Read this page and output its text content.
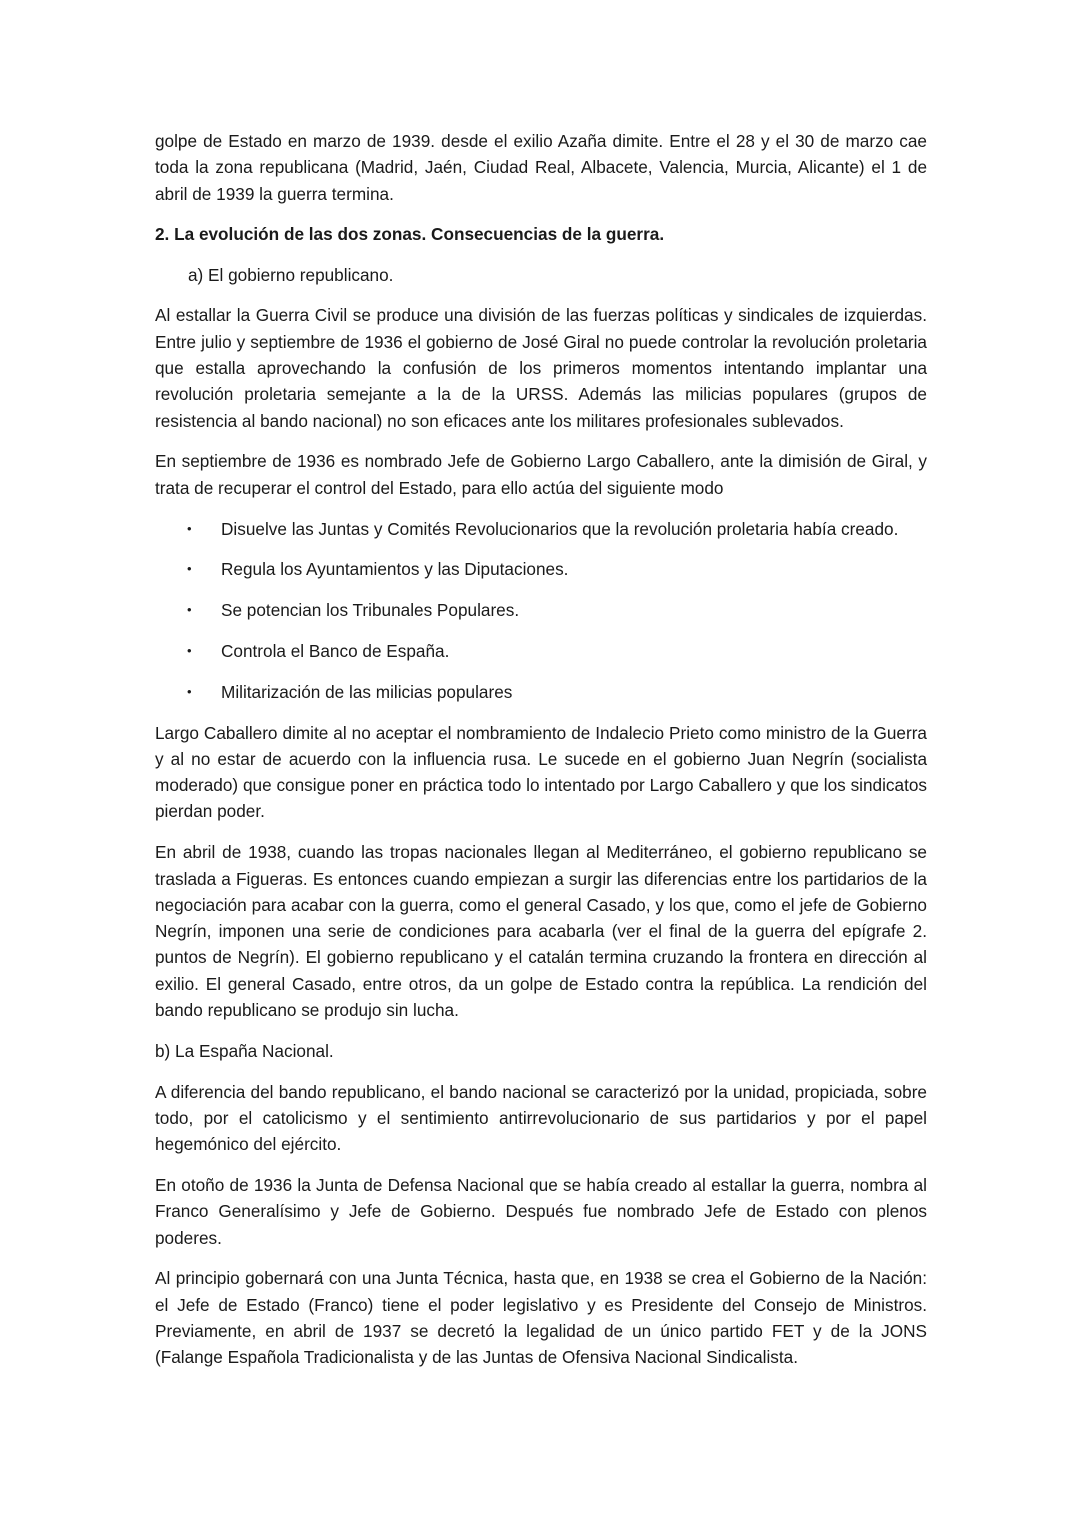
golpe de Estado en marzo de 1939. desde el exilio Azaña dimite. Entre el 28 y el 30 de marzo cae toda la zona republicana (Madrid, Jaén, Ciudad Real, Albacete, Valencia, Murcia, Alicante) el 1 de abril de 1939 la guerra termina.

2. La evolución de las dos zonas. Consecuencias de la guerra.

a) El gobierno republicano.

Al estallar la Guerra Civil se produce una división de las fuerzas políticas y sindicales de izquierdas. Entre julio y septiembre de 1936 el gobierno de José Giral no puede controlar la revolución proletaria que estalla aprovechando la confusión de los primeros momentos intentando implantar una revolución proletaria semejante a la de la URSS. Además las milicias populares (grupos de resistencia al bando nacional) no son eficaces ante los militares profesionales sublevados.

En septiembre de 1936 es nombrado Jefe de Gobierno Largo Caballero, ante la dimisión de Giral, y trata de recuperar el control del Estado, para ello actúa del siguiente modo

• Disuelve las Juntas y Comités Revolucionarios que la revolución proletaria había creado.
• Regula los Ayuntamientos y las Diputaciones.
• Se potencian los Tribunales Populares.
• Controla el Banco de España.
• Militarización de las milicias populares

Largo Caballero dimite al no aceptar el nombramiento de Indalecio Prieto como ministro de la Guerra y al no estar de acuerdo con la influencia rusa. Le sucede en el gobierno Juan Negrín (socialista moderado) que consigue poner en práctica todo lo intentado por Largo Caballero y que los sindicatos pierdan poder.

En abril de 1938, cuando las tropas nacionales llegan al Mediterráneo, el gobierno republicano se traslada a Figueras. Es entonces cuando empiezan a surgir las diferencias entre los partidarios de la negociación para acabar con la guerra, como el general Casado, y los que, como el jefe de Gobierno Negrín, imponen una serie de condiciones para acabarla (ver el final de la guerra del epígrafe 2. puntos de Negrín). El gobierno republicano y el catalán termina cruzando la frontera en dirección al exilio. El general Casado, entre otros, da un golpe de Estado contra la república. La rendición del bando republicano se produjo sin lucha.

b) La España Nacional.

A diferencia del bando republicano, el bando nacional se caracterizó por la unidad, propiciada, sobre todo, por el catolicismo y el sentimiento antirrevolucionario de sus partidarios y por el papel hegemónico del ejército.

En otoño de 1936 la Junta de Defensa Nacional que se había creado al estallar la guerra, nombra al Franco Generalísimo y Jefe de Gobierno. Después fue nombrado Jefe de Estado con plenos poderes.

Al principio gobernará con una Junta Técnica, hasta que, en 1938 se crea el Gobierno de la Nación: el Jefe de Estado (Franco) tiene el poder legislativo y es Presidente del Consejo de Ministros. Previamente, en abril de 1937 se decretó la legalidad de un único partido FET y de la JONS (Falange Española Tradicionalista y de las Juntas de Ofensiva Nacional Sindicalista.
